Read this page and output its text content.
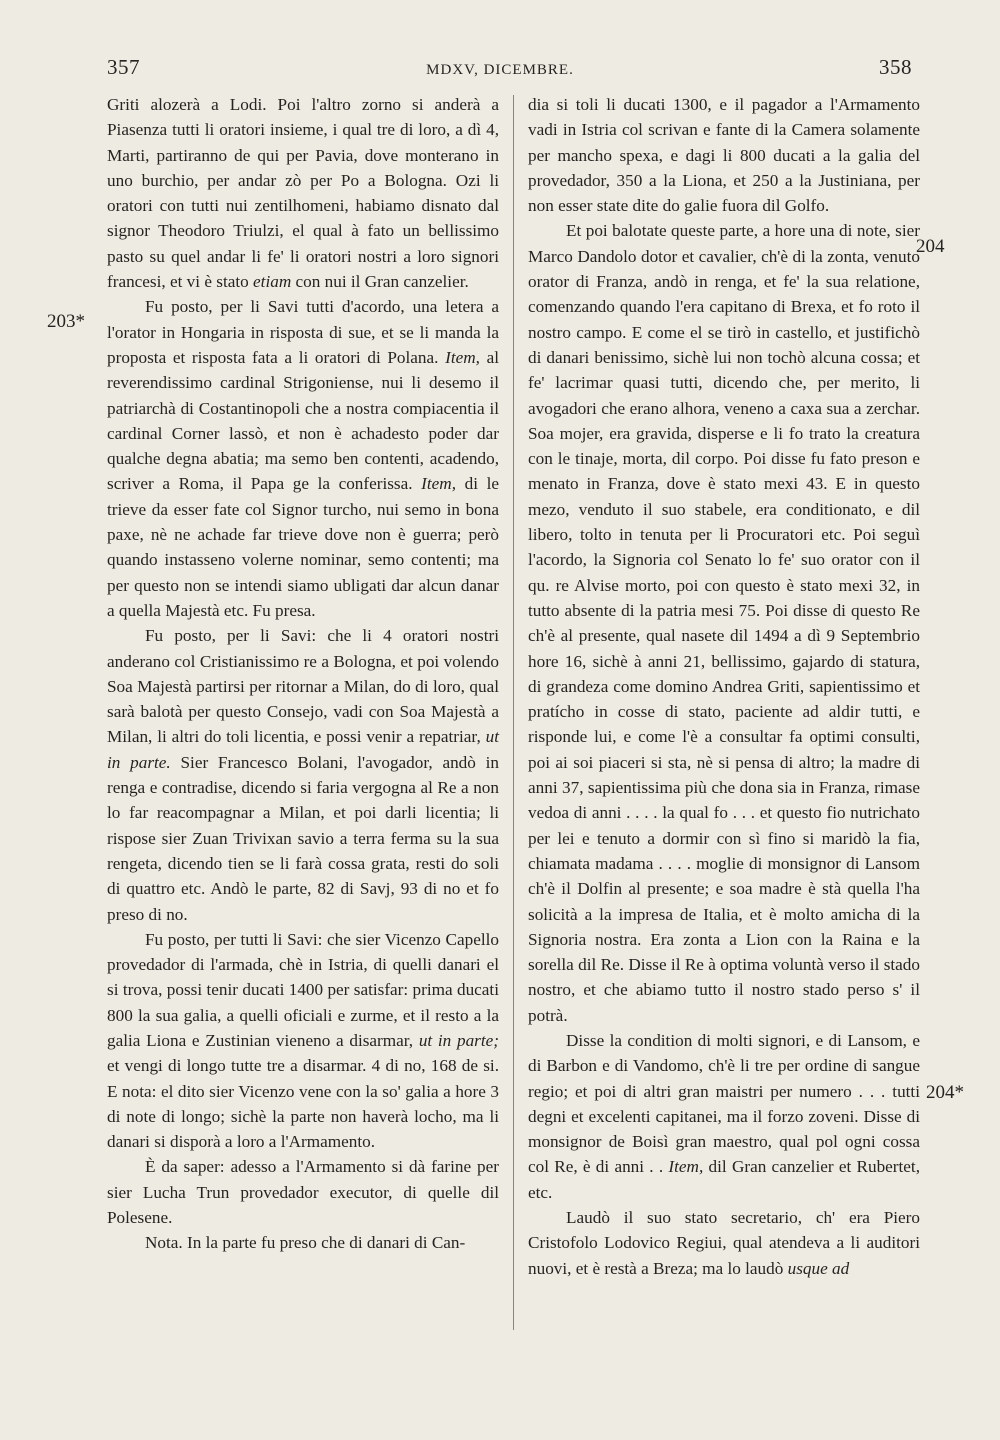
357	MDXV, DICEMBRE.	358
203*
204
204*

Griti alozerà a Lodi. Poi l'altro zorno si anderà a Piasenza tutti li oratori insieme, i qual tre di loro, a dì 4, Marti, partiranno de qui per Pavia, dove monterano in uno burchio, per andar zò per Po a Bologna. Ozi li oratori con tutti nui zentilhomeni, habiamo disnato dal signor Theodoro Triulzi, el qual à fato un bellissimo pasto su quel andar li fe' li oratori nostri a loro signori francesi, et vi è stato etiam con nui il Gran canzelier.

Fu posto, per li Savi tutti d'acordo, una letera a l'orator in Hongaria in risposta di sue, et se li manda la proposta et risposta fata a li oratori di Polana. Item, al reverendissimo cardinal Strigoniense, nui li desemo il patriarchà di Costantinopoli che a nostra compiacentia il cardinal Corner lassò, et non è achadesto poder dar qualche degna abatia; ma semo ben contenti, acadendo, scriver a Roma, il Papa ge la conferissa. Item, di le trieve da esser fate col Signor turcho, nui semo in bona paxe, nè ne achade far trieve dove non è guerra; però quando instasseno volerne nominar, semo contenti; ma per questo non se intendi siamo ubligati dar alcun danar a quella Majestà etc. Fu presa.

Fu posto, per li Savi: che li 4 oratori nostri anderano col Cristianissimo re a Bologna, et poi volendo Soa Majestà partirsi per ritornar a Milan, do di loro, qual sarà balotà per questo Consejo, vadi con Soa Majestà a Milan, li altri do toli licentia, e possi venir a repatriar, ut in parte. Sier Francesco Bolani, l'avogador, andò in renga e contradise, dicendo si faria vergogna al Re a non lo far reacompagnar a Milan, et poi darli licentia; li rispose sier Zuan Trivixan savio a terra ferma su la sua rengeta, dicendo tien se li farà cossa grata, resti do soli di quattro etc. Andò le parte, 82 di Savj, 93 di no et fo preso di no.

Fu posto, per tutti li Savi: che sier Vicenzo Capello provedador di l'armada, chè in Istria, di quelli danari el si trova, possi tenir ducati 1400 per satisfar: prima ducati 800 la sua galia, a quelli oficiali e zurme, et il resto a la galia Liona e Zustinian vieneno a disarmar, ut in parte; et vengi di longo tutte tre a disarmar. 4 di no, 168 de si. E nota: el dito sier Vicenzo vene con la so' galia a hore 3 di note di longo; sichè la parte non haverà locho, ma li danari si disporà a loro a l'Armamento.

È da saper: adesso a l'Armamento si dà farine per sier Lucha Trun provedador executor, di quelle dil Polesene.

Nota. In la parte fu preso che di danari di Can-

dia si toli li ducati 1300, e il pagador a l'Armamento vadi in Istria col scrivan e fante di la Camera solamente per mancho spexa, e dagi li 800 ducati a la galia del provedador, 350 a la Liona, et 250 a la Justiniana, per non esser state dite do galie fuora dil Golfo.

Et poi balotate queste parte, a hore una di note, sier Marco Dandolo dotor et cavalier, ch'è di la zonta, venuto orator di Franza, andò in renga, et fe' la sua relatione, comenzando quando l'era capitano di Brexa, et fo roto il nostro campo. E come el se tirò in castello, et justifichò di danari benissimo, sichè lui non tochò alcuna cossa; et fe' lacrimar quasi tutti, dicendo che, per merito, li avogadori che erano alhora, veneno a caxa sua a zerchar. Soa mojer, era gravida, disperse e li fo trato la creatura con le tinaje, morta, dil corpo. Poi disse fu fato preson e menato in Franza, dove è stato mexi 43. E in questo mezo, venduto il suo stabele, era conditionato, e dil libero, tolto in tenuta per li Procuratori etc. Poi seguì l'acordo, la Signoria col Senato lo fe' suo orator con il qu. re Alvise morto, poi con questo è stato mexi 32, in tutto absente di la patria mesi 75. Poi disse di questo Re ch'è al presente, qual nasete dil 1494 a dì 9 Septembrio hore 16, sichè à anni 21, bellissimo, gajardo di statura, di grandeza come domino Andrea Griti, sapientissimo et pratícho in cosse di stato, paciente ad aldir tutti, e risponde lui, e come l'è a consultar fa optimi consulti, poi ai soi piaceri si sta, nè si pensa di altro; la madre di anni 37, sapientissima più che dona sia in Franza, rimase vedoa di anni . . . . la qual fo . . . et questo fio nutrichato per lei e tenuto a dormir con sì fino si maridò la fia, chiamata madama . . . . moglie di monsignor di Lansom ch'è il Dolfin al presente; e soa madre è stà quella l'ha solicità a la impresa de Italia, et è molto amicha di la Signoria nostra. Era zonta a Lion con la Raina e la sorella dil Re. Disse il Re à optima voluntà verso il stado nostro, et che abiamo tutto il nostro stado perso s' il potrà.

Disse la condition di molti signori, e di Lansom, e di Barbon e di Vandomo, ch'è li tre per ordine di sangue regio; et poi di altri gran maistri per numero . . . tutti degni et excelenti capitanei, ma il forzo zoveni. Disse di monsignor de Boisì gran maestro, qual pol ogni cossa col Re, è di anni . . Item, dil Gran canzelier et Rubertet, etc.

Laudò il suo stato secretario, ch' era Piero Cristofolo Lodovico Regiui, qual atendeva a li auditori nuovi, et è restà a Breza; ma lo laudò usque ad
